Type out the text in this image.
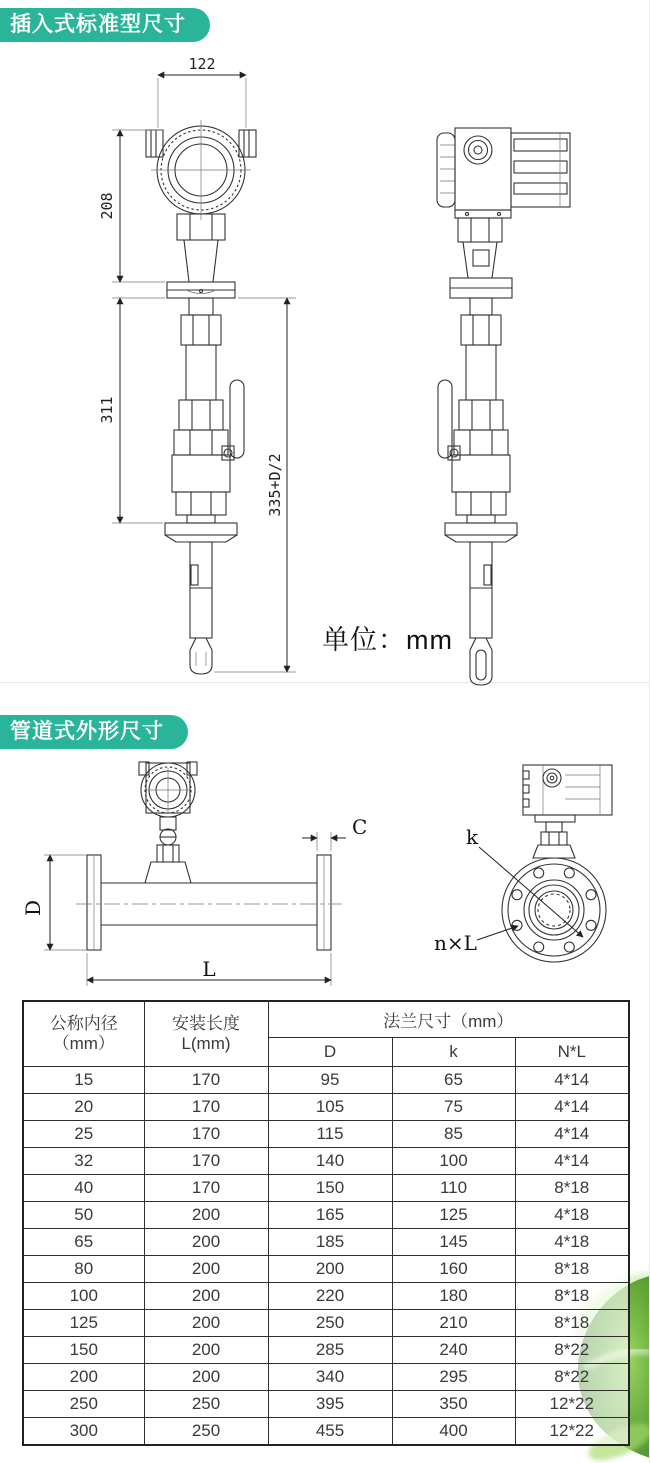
插入式标准型尺寸
122
208
311
335+D/2
单位：mm
管道式外形尺寸
D
L
C	k
n×L
公称内径
（mm）

安装长度
L(mm)
	法兰尺寸（mm）
		D	k	N*L
15	170	95	65	4*14
20	170	105	75	4*14
25	170	115	85	4*14
32	170	140	100	4*14
40	170	150	110	8*18
50	200	165	125	4*18
65	200	185	145	4*18
80	200	200	160	8*18
100	200	220	180	8*18
125	200	250	210	8*18
150	200	285	240	8*22
200	200	340	295	8*22
250	250	395	350	12*22
300	250	455	400	12*22
